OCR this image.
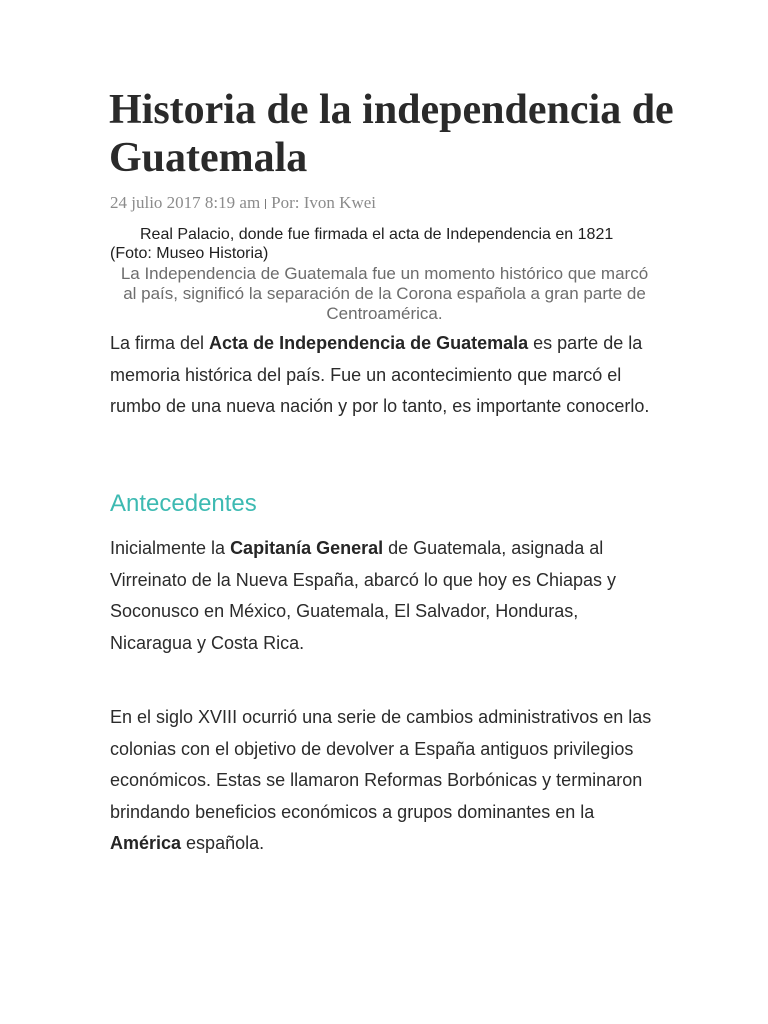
Historia de la independencia de Guatemala
24 julio 2017 8:19 am Por: Ivon Kwei
Real Palacio, donde fue firmada el acta de Independencia en 1821 (Foto: Museo Historia)
La Independencia de Guatemala fue un momento histórico que marcó al país, significó la separación de la Corona española a gran parte de Centroamérica.

La firma del Acta de Independencia de Guatemala es parte de la memoria histórica del país. Fue un acontecimiento que marcó el rumbo de una nueva nación y por lo tanto, es importante conocerlo.

Antecedentes

Inicialmente la Capitanía General de Guatemala, asignada al Virreinato de la Nueva España, abarcó lo que hoy es Chiapas y Soconusco en México, Guatemala, El Salvador, Honduras, Nicaragua y Costa Rica.

En el siglo XVIII ocurrió una serie de cambios administrativos en las colonias con el objetivo de devolver a España antiguos privilegios económicos. Estas se llamaron Reformas Borbónicas y terminaron brindando beneficios económicos a grupos dominantes en la América española.
